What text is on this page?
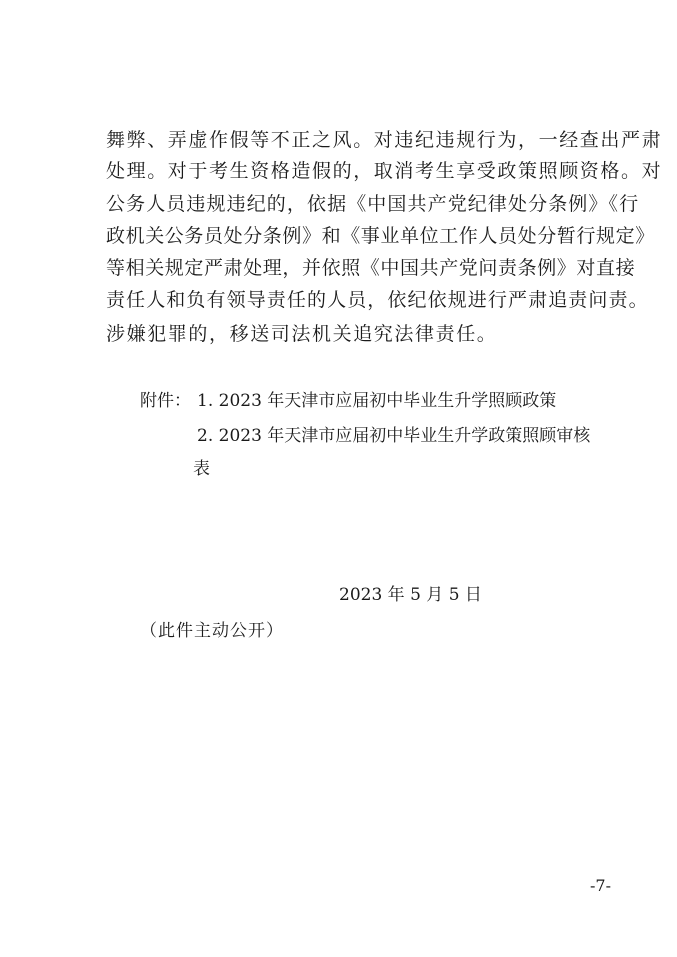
舞弊、弄虚作假等不正之风。对违纪违规行为，一经查出严肃
处理。对于考生资格造假的，取消考生享受政策照顾资格。对
公务人员违规违纪的，依据《中国共产党纪律处分条例》《行
政机关公务员处分条例》和《事业单位工作人员处分暂行规定》
等相关规定严肃处理，并依照《中国共产党问责条例》对直接
责任人和负有领导责任的人员，依纪依规进行严肃追责问责。
涉嫌犯罪的，移送司法机关追究法律责任。
附件： 1. 2023 年天津市应届初中毕业生升学照顾政策
2. 2023 年天津市应届初中毕业生升学政策照顾审核
表
2023 年 5 月 5 日
（此件主动公开）
-7-
